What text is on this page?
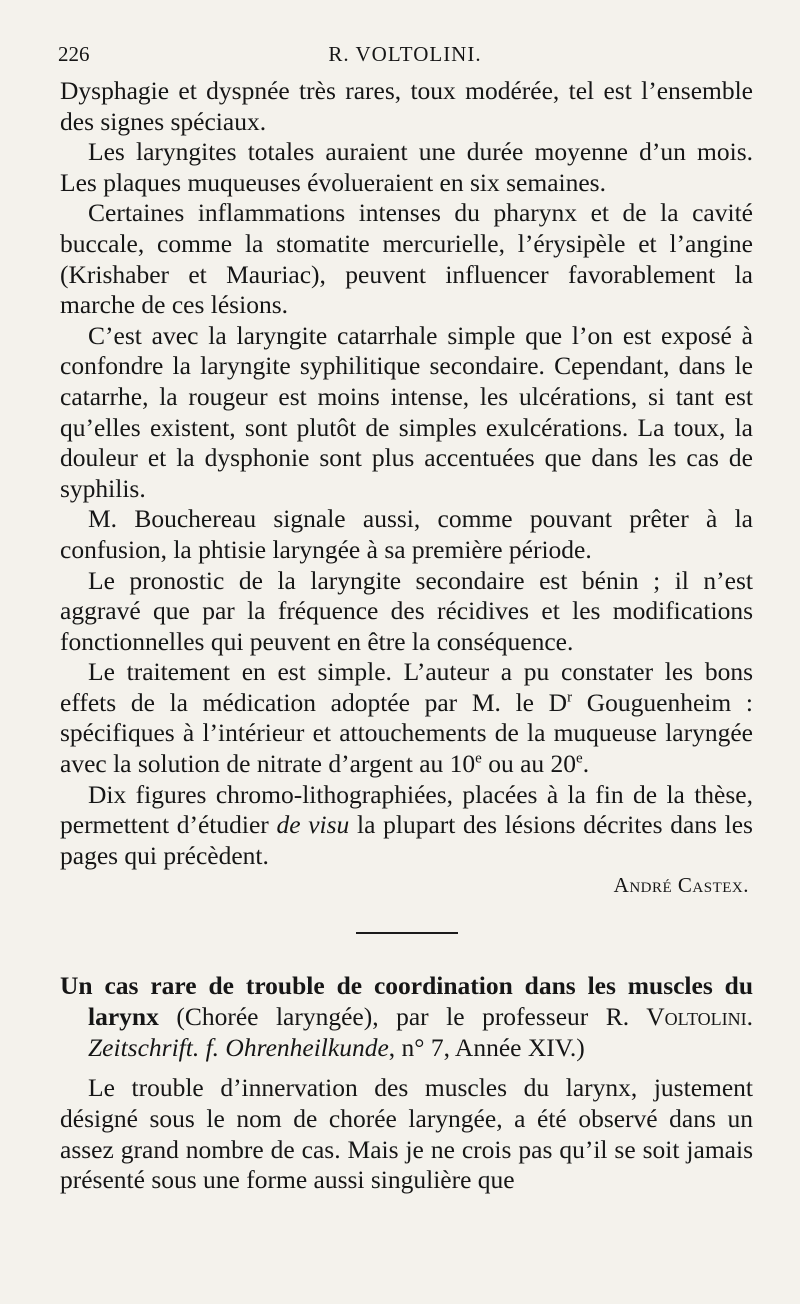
226	R. VOLTOLINI.

Dysphagie et dyspnée très rares, toux modérée, tel est l’ensemble des signes spéciaux.

Les laryngites totales auraient une durée moyenne d’un mois. Les plaques muqueuses évolueraient en six semaines.

Certaines inflammations intenses du pharynx et de la cavité buccale, comme la stomatite mercurielle, l’érysipèle et l’angine (Krishaber et Mauriac), peuvent influencer favorablement la marche de ces lésions.

C’est avec la laryngite catarrhale simple que l’on est exposé à confondre la laryngite syphilitique secondaire. Cependant, dans le catarrhe, la rougeur est moins intense, les ulcérations, si tant est qu’elles existent, sont plutôt de simples exulcérations. La toux, la douleur et la dysphonie sont plus accentuées que dans les cas de syphilis.

M. Bouchereau signale aussi, comme pouvant prêter à la confusion, la phtisie laryngée à sa première période.

Le pronostic de la laryngite secondaire est bénin ; il n’est aggravé que par la fréquence des récidives et les modifications fonctionnelles qui peuvent en être la conséquence.

Le traitement en est simple. L’auteur a pu constater les bons effets de la médication adoptée par M. le $D^r$ Gouguenheim : spécifiques à l’intérieur et attouchements de la muqueuse laryngée avec la solution de nitrate d’argent au 10e ou au 20e.

Dix figures chromo-lithographiées, placées à la fin de la thèse, permettent d’étudier de visu la plupart des lésions décrites dans les pages qui précèdent.

André Castex.

Un cas rare de trouble de coordination dans les muscles du larynx (Chorée laryngée), par le professeur R. Voltolini. Zeitschrift. f. Ohrenheilkunde, n° 7, Année XIV.)

Le trouble d’innervation des muscles du larynx, justement désigné sous le nom de chorée laryngée, a été observé dans un assez grand nombre de cas. Mais je ne crois pas qu’il se soit jamais présenté sous une forme aussi singulière que
